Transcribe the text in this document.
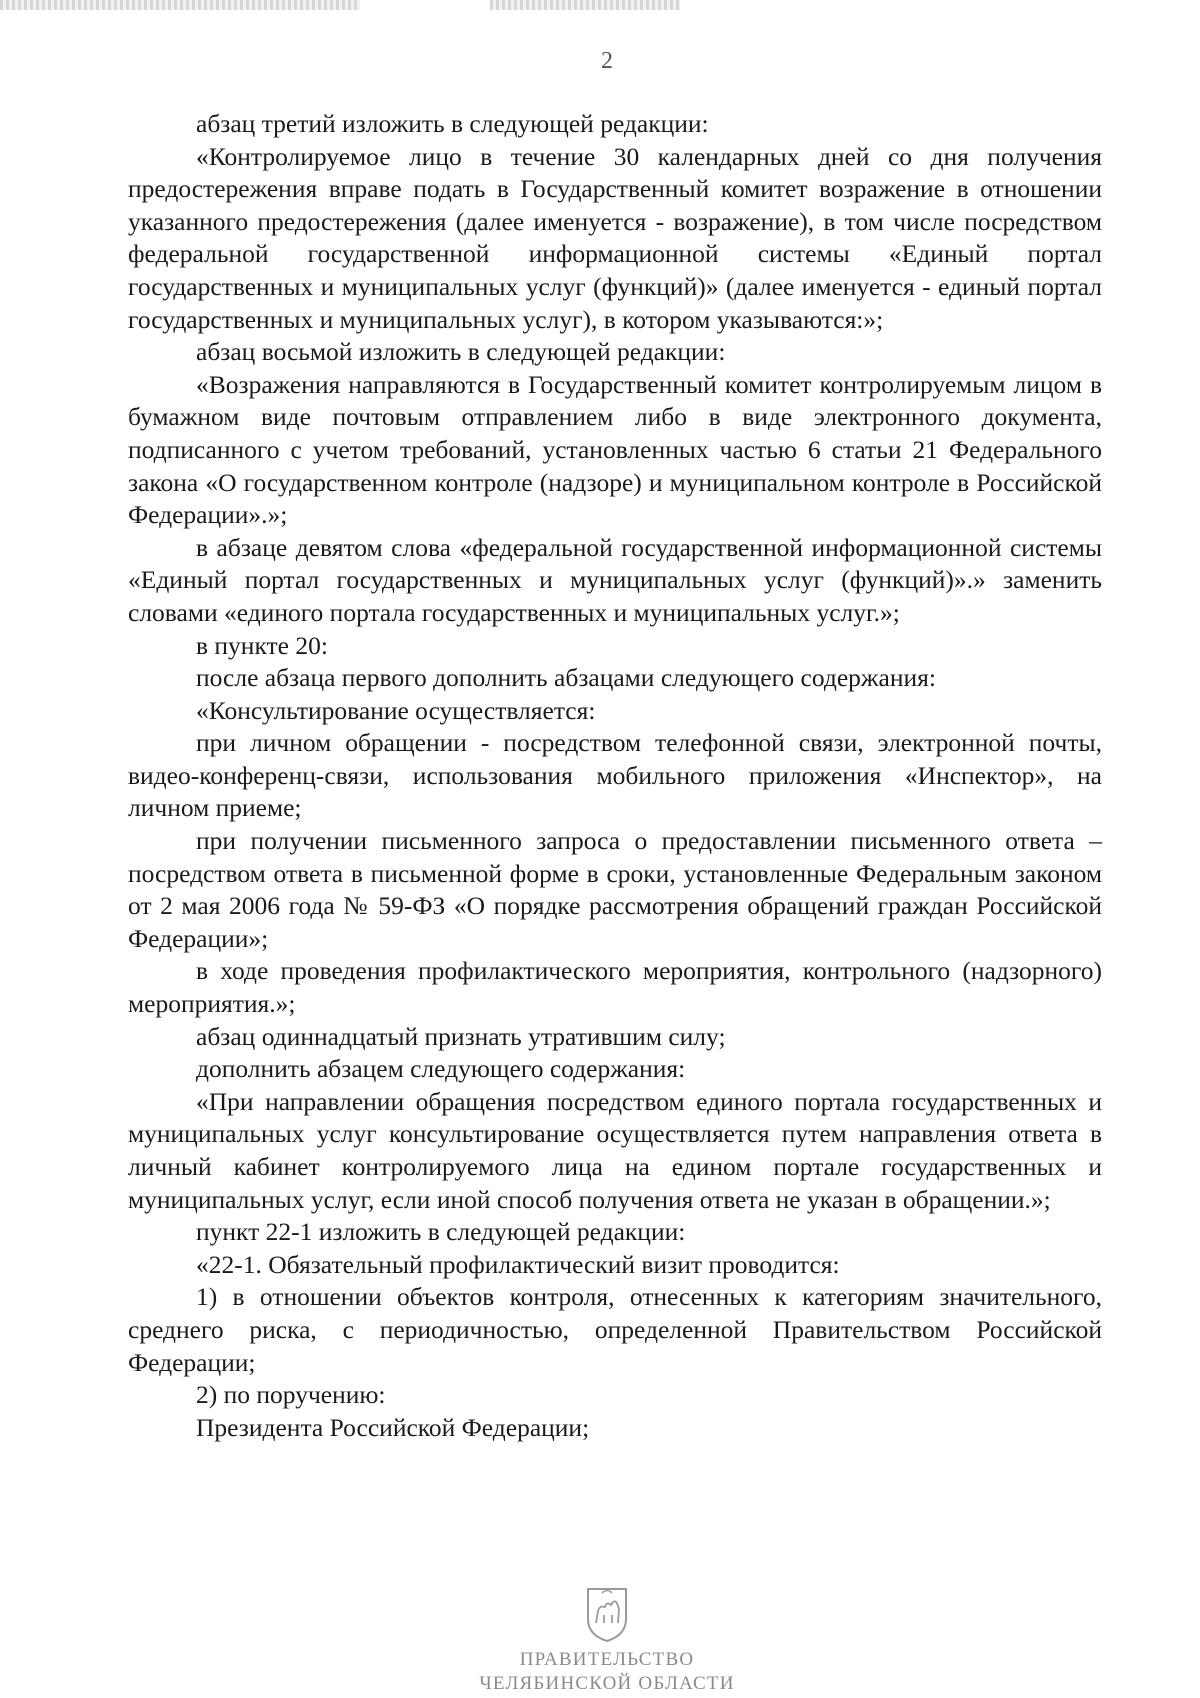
2

абзац третий изложить в следующей редакции:

«Контролируемое лицо в течение 30 календарных дней со дня получения предостережения вправе подать в Государственный комитет возражение в отношении указанного предостережения (далее именуется - возражение), в том числе посредством федеральной государственной информационной системы «Единый портал государственных и муниципальных услуг (функций)» (далее именуется - единый портал государственных и муниципальных услуг), в котором указываются:»;

абзац восьмой изложить в следующей редакции:

«Возражения направляются в Государственный комитет контролируемым лицом в бумажном виде почтовым отправлением либо в виде электронного документа, подписанного с учетом требований, установленных частью 6 статьи 21 Федерального закона «О государственном контроле (надзоре) и муниципальном контроле в Российской Федерации».»;

в абзаце девятом слова «федеральной государственной информационной системы «Единый портал государственных и муниципальных услуг (функций)».» заменить словами «единого портала государственных и муниципальных услуг.»;

в пункте 20:

после абзаца первого дополнить абзацами следующего содержания:

«Консультирование осуществляется:

при личном обращении - посредством телефонной связи, электронной почты, видео-конференц-связи, использования мобильного приложения «Инспектор», на личном приеме;

при получении письменного запроса о предоставлении письменного ответа – посредством ответа в письменной форме в сроки, установленные Федеральным законом от 2 мая 2006 года № 59-ФЗ «О порядке рассмотрения обращений граждан Российской Федерации»;

в ходе проведения профилактического мероприятия, контрольного (надзорного) мероприятия.»;

абзац одиннадцатый признать утратившим силу;

дополнить абзацем следующего содержания:

«При направлении обращения посредством единого портала государственных и муниципальных услуг консультирование осуществляется путем направления ответа в личный кабинет контролируемого лица на едином портале государственных и муниципальных услуг, если иной способ получения ответа не указан в обращении.»;

пункт 22-1 изложить в следующей редакции:

«22-1. Обязательный профилактический визит проводится:

1) в отношении объектов контроля, отнесенных к категориям значительного, среднего риска, с периодичностью, определенной Правительством Российской Федерации;

2) по поручению:

Президента Российской Федерации;

ПРАВИТЕЛЬСТВО
ЧЕЛЯБИНСКОЙ ОБЛАСТИ
